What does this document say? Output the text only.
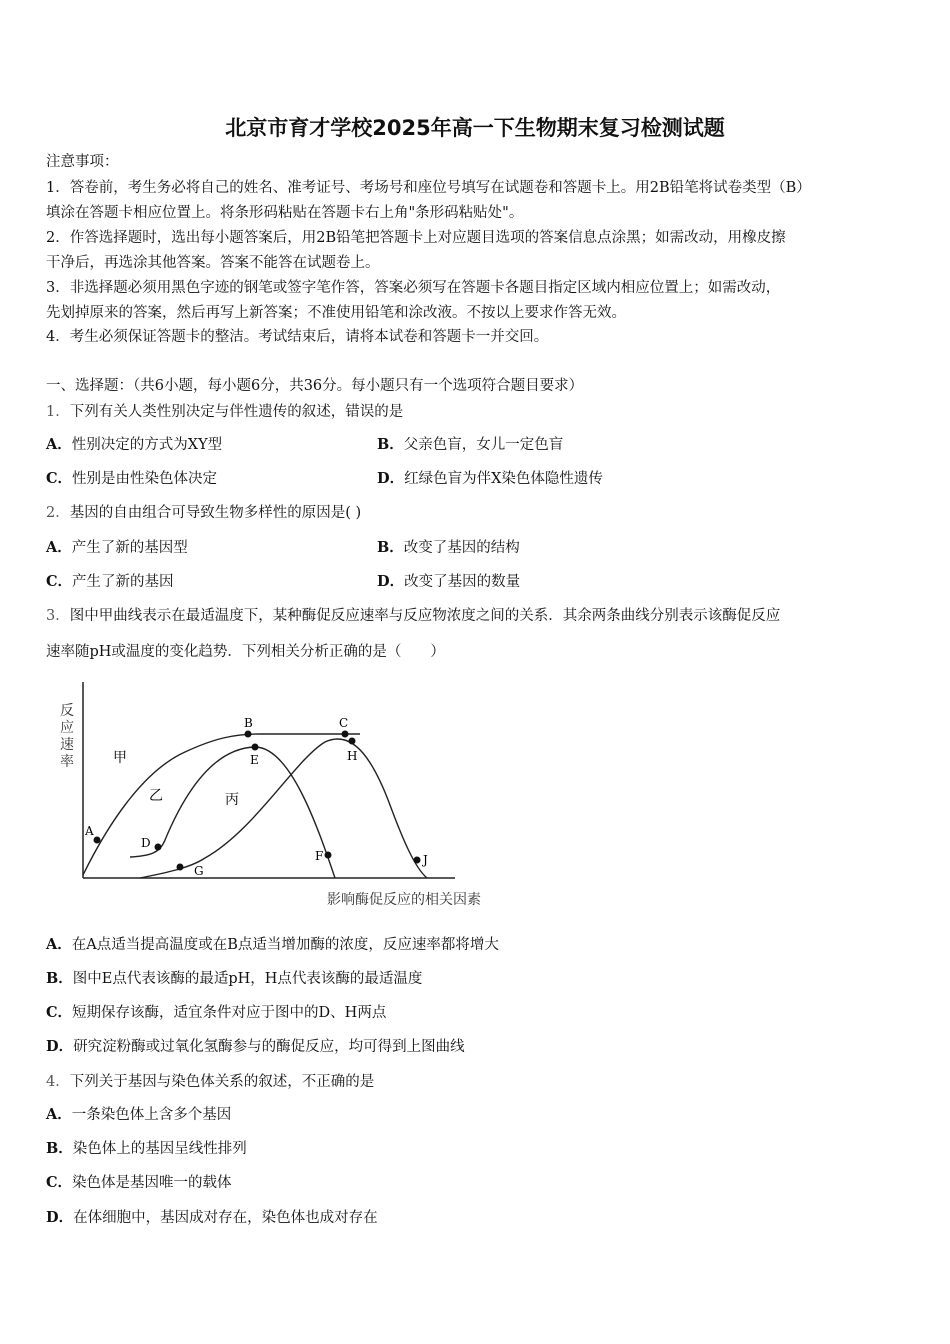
北京市育才学校2025年高一下生物期末复习检测试题
注意事项：
1．答卷前，考生务必将自己的姓名、准考证号、考场号和座位号填写在试题卷和答题卡上。用2B铅笔将试卷类型（B）
填涂在答题卡相应位置上。将条形码粘贴在答题卡右上角"条形码粘贴处"。
2．作答选择题时，选出每小题答案后，用2B铅笔把答题卡上对应题目选项的答案信息点涂黑；如需改动，用橡皮擦
干净后，再选涂其他答案。答案不能答在试题卷上。
3．非选择题必须用黑色字迹的钢笔或签字笔作答，答案必须写在答题卡各题目指定区域内相应位置上；如需改动，
先划掉原来的答案，然后再写上新答案；不准使用铅笔和涂改液。不按以上要求作答无效。
4．考生必须保证答题卡的整洁。考试结束后，请将本试卷和答题卡一并交回。
一、选择题：（共6小题，每小题6分，共36分。每小题只有一个选项符合题目要求）
1．下列有关人类性别决定与伴性遗传的叙述，错误的是
A．性别决定的方式为XY型	B．父亲色盲，女儿一定色盲
C．性别是由性染色体决定	D．红绿色盲为伴X染色体隐性遗传
2．基因的自由组合可导致生物多样性的原因是( )
A．产生了新的基因型	B．改变了基因的结构
C．产生了新的基因	D．改变了基因的数量
3．图中甲曲线表示在最适温度下，某种酶促反应速率与反应物浓度之间的关系．其余两条曲线分别表示该酶促反应
速率随pH或温度的变化趋势．下列相关分析正确的是（　　）
反 应 速 率
影响酶促反应的相关因素
A
B	C
D
E
F
G
H
J
甲
乙	丙
A．在A点适当提高温度或在B点适当增加酶的浓度，反应速率都将增大
B．图中E点代表该酶的最适pH，H点代表该酶的最适温度
C．短期保存该酶，适宜条件对应于图中的D、H两点
D．研究淀粉酶或过氧化氢酶参与的酶促反应，均可得到上图曲线
4．下列关于基因与染色体关系的叙述，不正确的是
A．一条染色体上含多个基因
B．染色体上的基因呈线性排列
C．染色体是基因唯一的载体
D．在体细胞中，基因成对存在，染色体也成对存在
